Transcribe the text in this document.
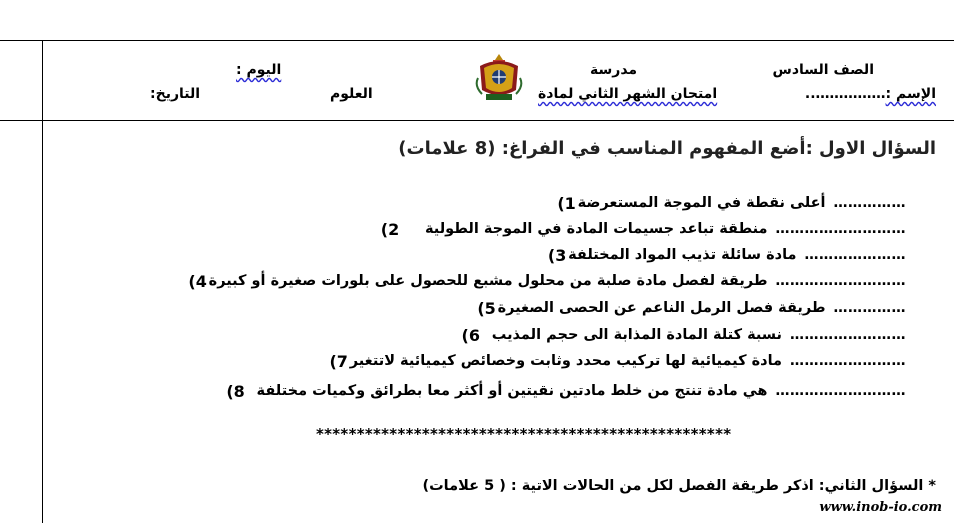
الصف السادس
الإسم :……………..
مدرسة
امتحان الشهر الثاني لمادة
العلوم
اليوم :
التاريخ:
السؤال الاول :أضع المفهوم المناسب في الفراغ: (8 علامات)
1) أعلى نقطة في الموجة المستعرضة ……………
2)	منطقة تباعد جسيمات المادة في الموجة الطولية ………………………
3) مادة سائلة تذيب المواد المختلفة …………………
4) طريقة لفصل مادة صلبة من محلول مشبع للحصول على بلورات صغيرة أو كبيرة ………………………
5) طريقة فصل الرمل الناعم عن الحصى الصغيرة ……………
6) نسبة كتلة المادة المذابة الى حجم المذيب ……………………
7) مادة كيميائية لها تركيب محدد وثابت وخصائص كيميائية لاتتغير ……………………
8) هي مادة تنتج من خلط مادتين نقيتين أو أكثر معا بطرائق وكميات مختلفة ………………………
***************************************************
* السؤال الثاني: اذكر طريقة الفصل لكل من الحالات الاتية : ( 5 علامات)
www.inob-io.com
